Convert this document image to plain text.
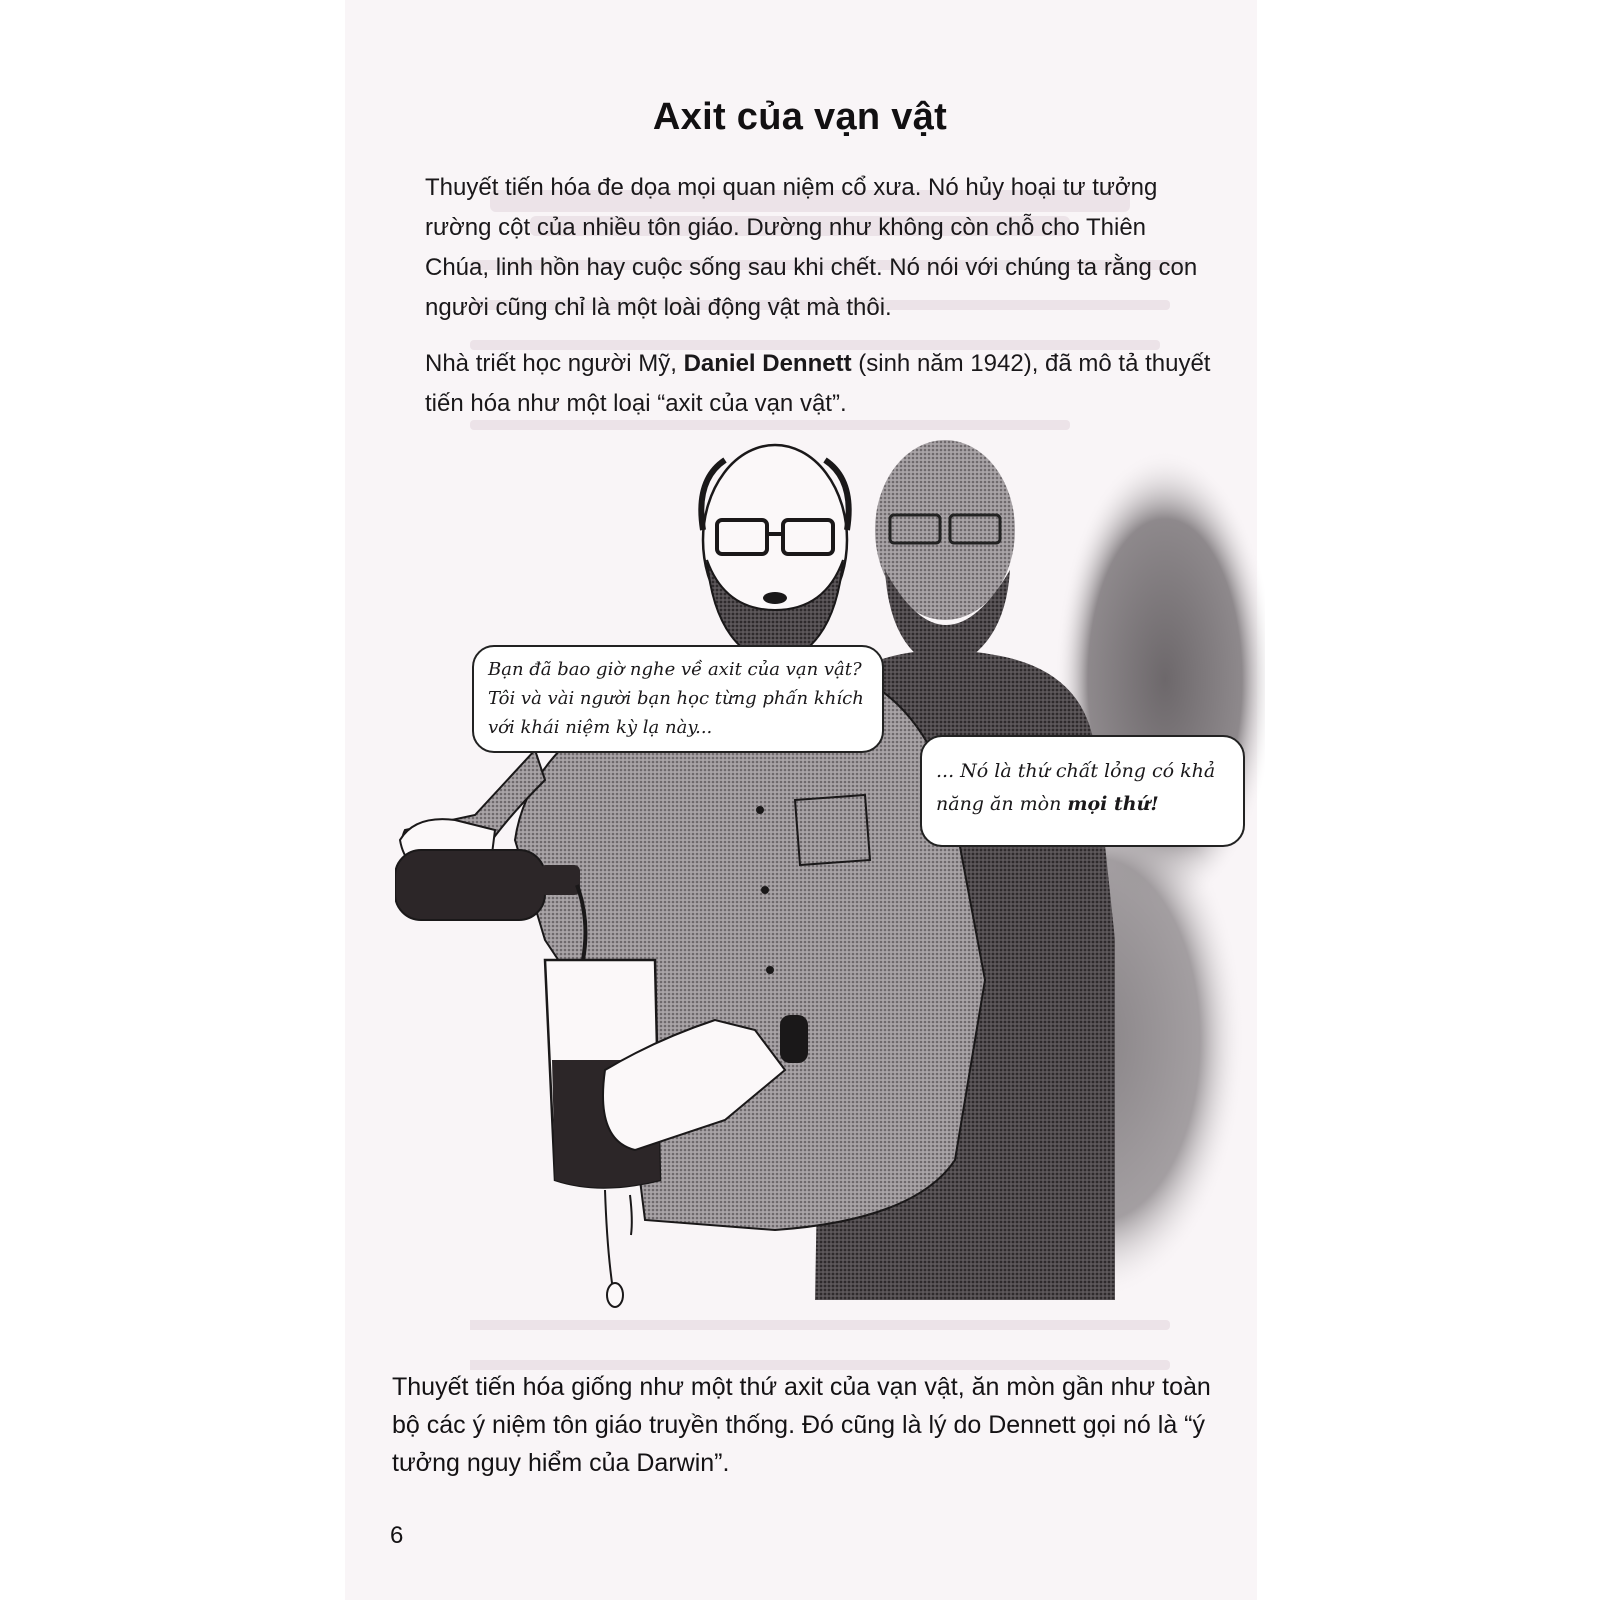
Axit của vạn vật

Thuyết tiến hóa đe dọa mọi quan niệm cổ xưa. Nó hủy hoại tư tưởng rường cột của nhiều tôn giáo. Dường như không còn chỗ cho Thiên Chúa, linh hồn hay cuộc sống sau khi chết. Nó nói với chúng ta rằng con người cũng chỉ là một loài động vật mà thôi.

Nhà triết học người Mỹ, Daniel Dennett (sinh năm 1942), đã mô tả thuyết tiến hóa như một loại “axit của vạn vật”.

Bạn đã bao giờ nghe về axit của vạn vật? Tôi và vài người bạn học từng phấn khích với khái niệm kỳ lạ này...
... Nó là thứ chất lỏng có khả năng ăn mòn mọi thứ!

Thuyết tiến hóa giống như một thứ axit của vạn vật, ăn mòn gần như toàn bộ các ý niệm tôn giáo truyền thống. Đó cũng là lý do Dennett gọi nó là “ý tưởng nguy hiểm của Darwin”.

6
